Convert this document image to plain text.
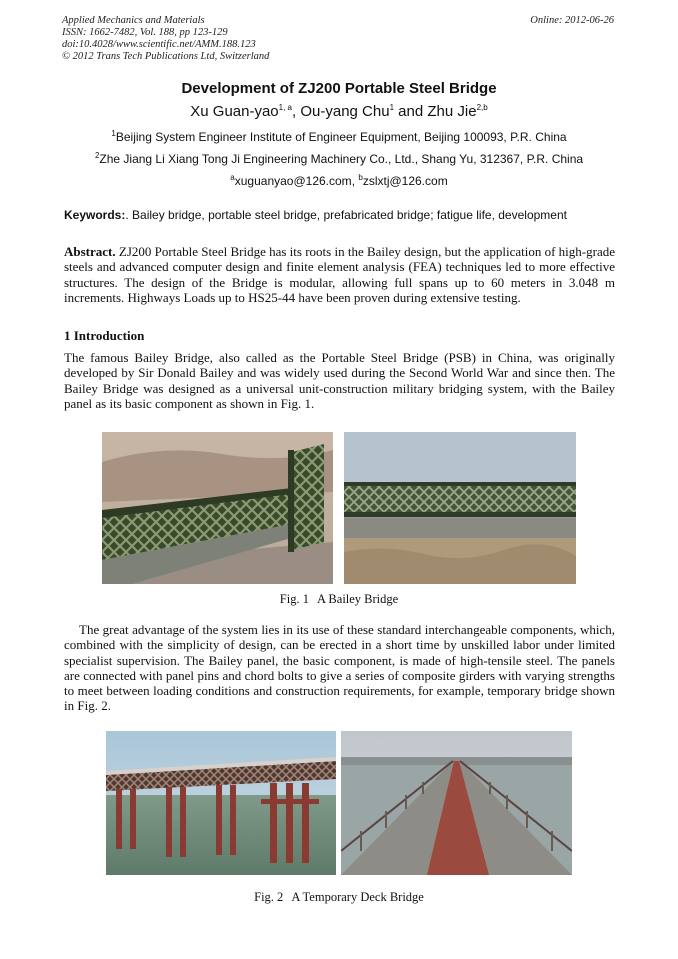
Applied Mechanics and Materials
ISSN: 1662-7482, Vol. 188, pp 123-129
doi:10.4028/www.scientific.net/AMM.188.123
© 2012 Trans Tech Publications Ltd, Switzerland
Online: 2012-06-26
Development of ZJ200 Portable Steel Bridge
Xu Guan-yao$^{1, a}$, Ou-yang Chu$^1$ and Zhu Jie$^{2,b}$
$^1$Beijing System Engineer Institute of Engineer Equipment, Beijing 100093, P.R. China
$^2$Zhe Jiang Li Xiang Tong Ji Engineering Machinery Co., Ltd., Shang Yu, 312367, P.R. China
$^a$xuguanyao@126.com, $^b$zslxtj@126.com
Keywords:. Bailey bridge, portable steel bridge, prefabricated bridge; fatigue life, development
Abstract. ZJ200 Portable Steel Bridge has its roots in the Bailey design, but the application of high-grade steels and advanced computer design and finite element analysis (FEA) techniques led to more effective structures. The design of the Bridge is modular, allowing full spans up to 60 meters in 3.048 m increments. Highways Loads up to HS25-44 have been proven during extensive testing.
1 Introduction
The famous Bailey Bridge, also called as the Portable Steel Bridge (PSB) in China, was originally developed by Sir Donald Bailey and was widely used during the Second World War and since then. The Bailey Bridge was designed as a universal unit-construction military bridging system, with the Bailey panel as its basic component as shown in Fig. 1.
Fig. 1 A Bailey Bridge
The great advantage of the system lies in its use of these standard interchangeable components, which, combined with the simplicity of design, can be erected in a short time by unskilled labor under limited specialist supervision. The Bailey panel, the basic component, is made of high-tensile steel. The panels are connected with panel pins and chord bolts to give a series of composite girders with varying strengths to meet between loading conditions and construction requirements, for example, temporary bridge shown in Fig. 2.
Fig. 2 A Temporary Deck Bridge
